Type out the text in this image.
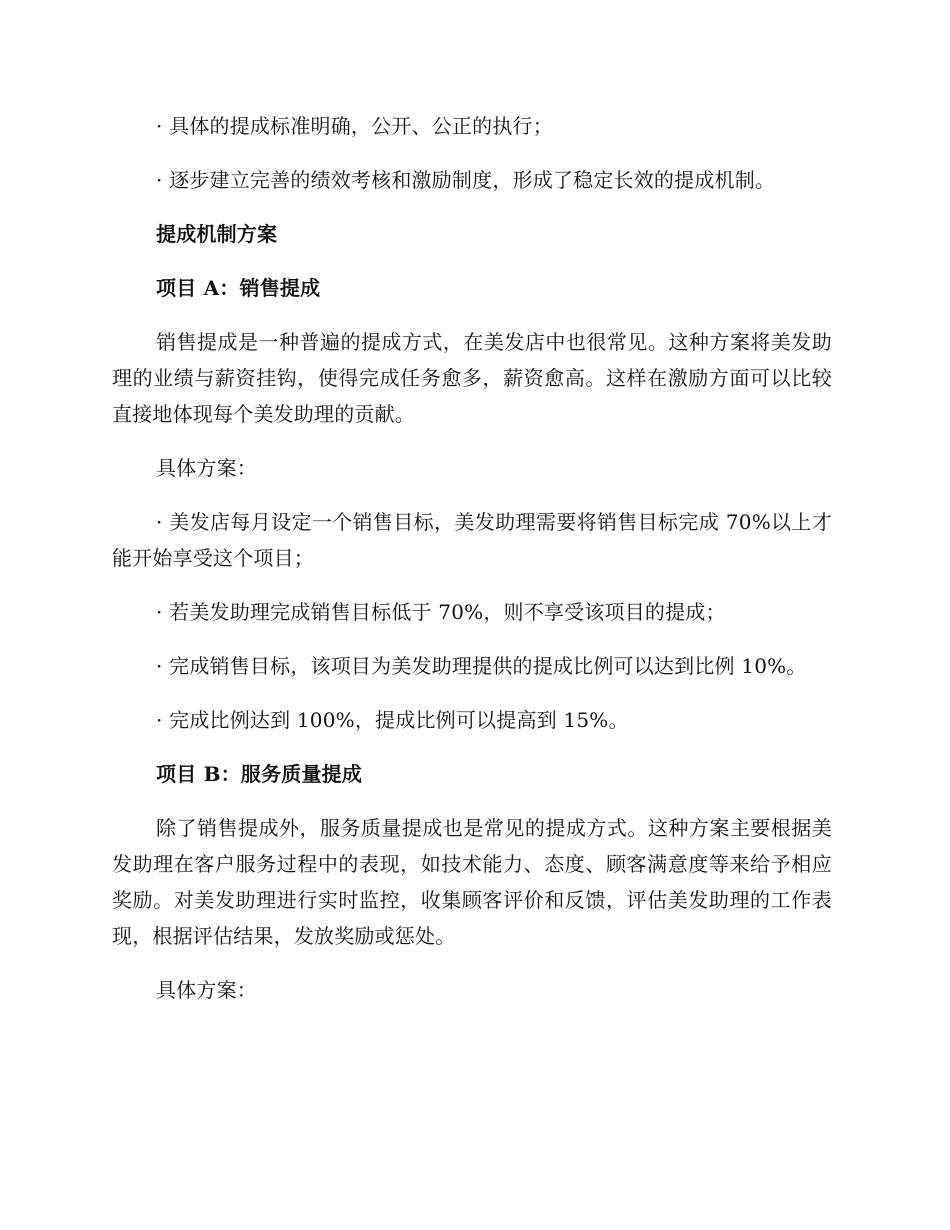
· 具体的提成标准明确，公开、公正的执行；

· 逐步建立完善的绩效考核和激励制度，形成了稳定长效的提成机制。

提成机制方案

项目 A：销售提成

销售提成是一种普遍的提成方式，在美发店中也很常见。这种方案将美发助理的业绩与薪资挂钩，使得完成任务愈多，薪资愈高。这样在激励方面可以比较直接地体现每个美发助理的贡献。

具体方案：

· 美发店每月设定一个销售目标，美发助理需要将销售目标完成 70%以上才能开始享受这个项目；

· 若美发助理完成销售目标低于 70%，则不享受该项目的提成；

· 完成销售目标，该项目为美发助理提供的提成比例可以达到比例 10%。

· 完成比例达到 100%，提成比例可以提高到 15%。

项目 B：服务质量提成

除了销售提成外，服务质量提成也是常见的提成方式。这种方案主要根据美发助理在客户服务过程中的表现，如技术能力、态度、顾客满意度等来给予相应奖励。对美发助理进行实时监控，收集顾客评价和反馈，评估美发助理的工作表现，根据评估结果，发放奖励或惩处。

具体方案：
